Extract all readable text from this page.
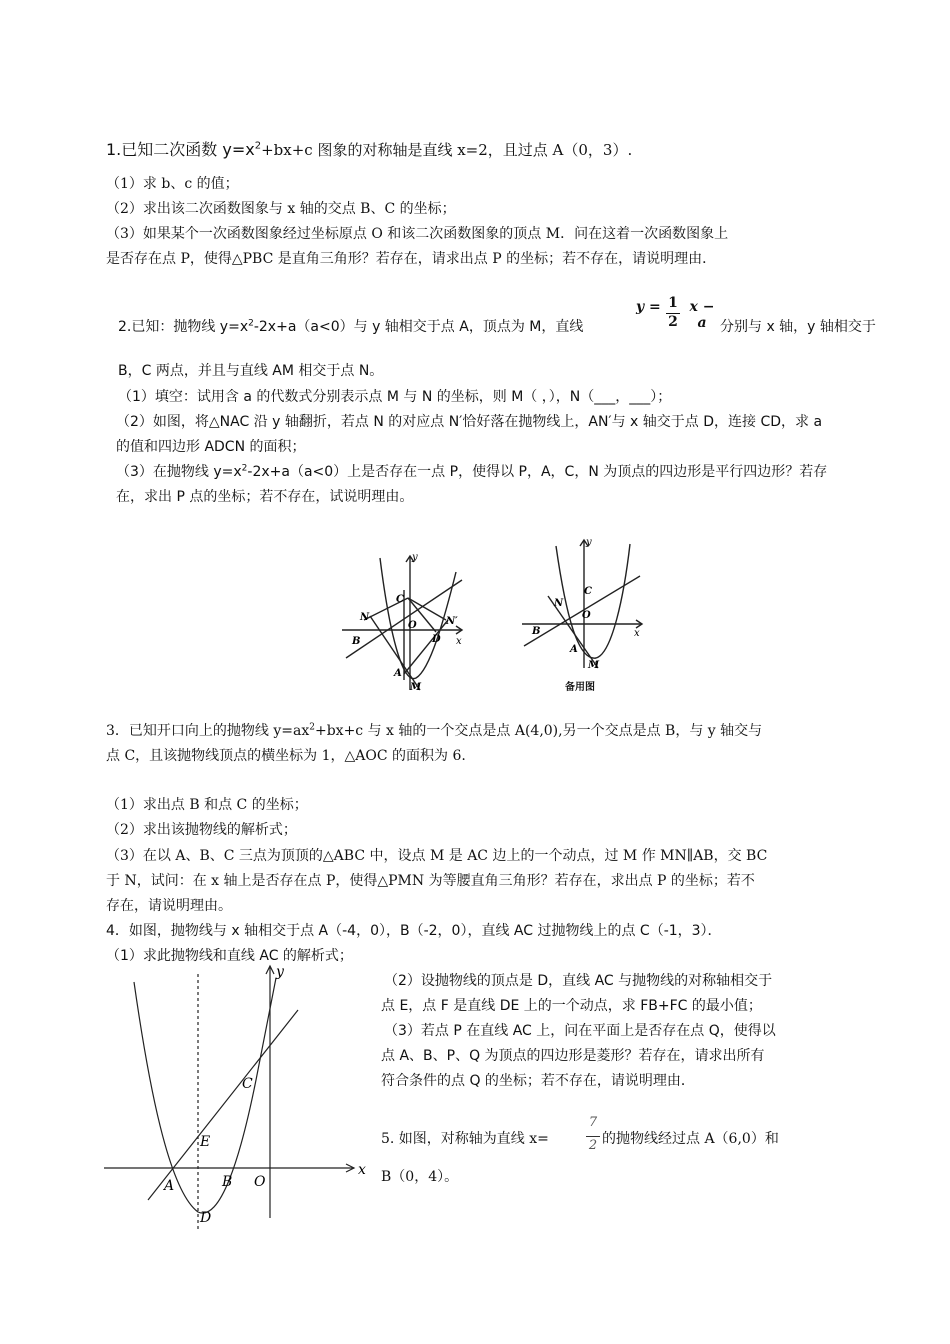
1.已知二次函数 $y=x^2+bx+c$ 图象的对称轴是直线 x=2，且过点 A（0，3）.
（1）求 b、c 的值；
（2）求出该二次函数图象与 x 轴的交点 B、C 的坐标；
（3）如果某个一次函数图象经过坐标原点 O 和该二次函数图象的顶点 M．问在这着一次函数图象上
是否存在点 P，使得△PBC 是直角三角形？若存在，请求出点 P 的坐标；若不存在，请说明理由．
2.已知：抛物线 $y=x^2-2x+a(a<0)$与 y 轴相交于点 A，顶点为 M，直线
y = 1
2
x − a 分别与 x 轴，y 轴相交于
B，C 两点，并且与直线 AM 相交于点 N。
（1）填空：试用含 a 的代数式分别表示点 M 与 N 的坐标，则 M（ ，），N（___，___）；
（2）如图，将△NAC 沿 y 轴翻折，若点 N 的对应点 N′恰好落在抛物线上，AN′与 x 轴交于点 D，连接 CD，求 a
的值和四边形 ADCN 的面积；
（3）在抛物线 $y=x^2-2x+a(a<0)$上是否存在一点 P，使得以 P，A，C，N 为顶点的四边形是平行四边形？若存
在，求出 P 点的坐标；若不存在，试说明理由。
y
x
N
C
O	N′
D
B
A
M
y
x
N
C
O
B
A
M
备用图
3．已知开口向上的抛物线 $y=ax^2+bx+c$ 与 x 轴的一个交点是点 A(4,0),另一个交点是点 B，与 y 轴交与
点 C，且该抛物线顶点的横坐标为 1，△AOC 的面积为 6.
（1）求出点 B 和点 C 的坐标；
（2）求出该抛物线的解析式；
（3）在以 A、B、C 三点为顶顶的△ABC 中，设点 M 是 AC 边上的一个动点，过 M 作 MN∥AB，交 BC
于 N，试问：在 x 轴上是否存在点 P，使得△PMN 为等腰直角三角形？若存在，求出点 P 的坐标；若不
存在，请说明理由。
4．如图，抛物线与 x 轴相交于点 A（-4，0），B（-2，0），直线 AC 过抛物线上的点 C（-1，3）．
（1）求此抛物线和直线 AC 的解析式；
y
x
C
E
A	B O
D
（2）设抛物线的顶点是 D，直线 AC 与抛物线的对称轴相交于
点 E，点 F 是直线 DE 上的一个动点，求 FB+FC 的最小值；
（3）若点 P 在直线 AC 上，问在平面上是否存在点 Q，使得以
点 A、B、P、Q 为顶点的四边形是菱形？若存在，请求出所有
符合条件的点 Q 的坐标；若不存在，请说明理由．
5. 如图，对称轴为直线 x=
7
2 的抛物线经过点 A（6,0）和
B（0，4）。
